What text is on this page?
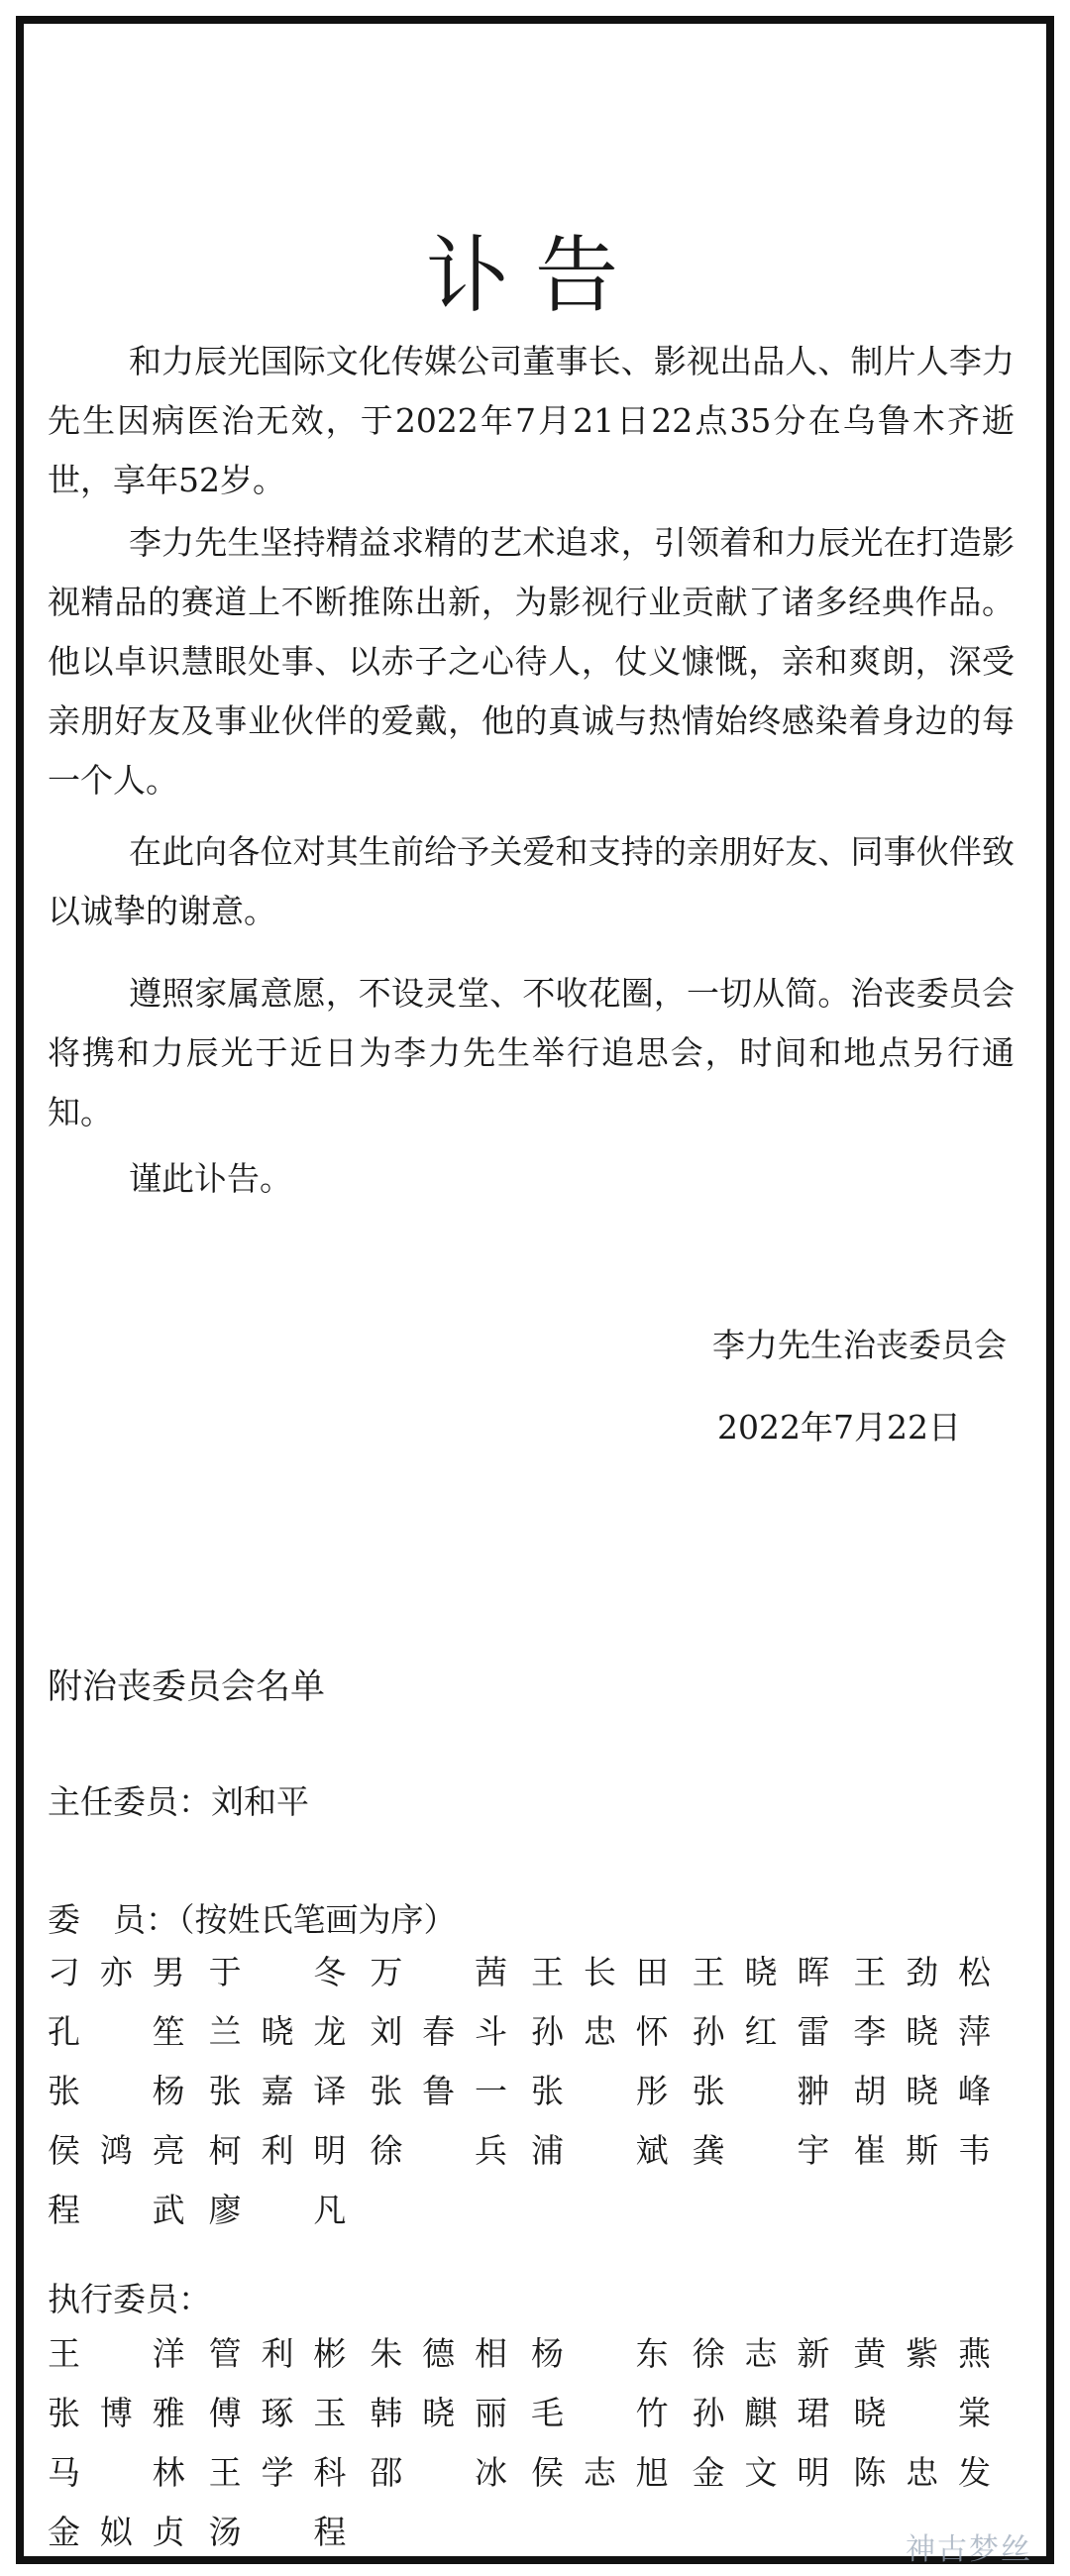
讣告

和力辰光国际文化传媒公司董事长、影视出品人、制片人李力先生因病医治无效，于2022年7月21日22点35分在乌鲁木齐逝世，享年52岁。

李力先生坚持精益求精的艺术追求，引领着和力辰光在打造影视精品的赛道上不断推陈出新，为影视行业贡献了诸多经典作品。他以卓识慧眼处事、以赤子之心待人，仗义慷慨，亲和爽朗，深受亲朋好友及事业伙伴的爱戴，他的真诚与热情始终感染着身边的每一个人。

在此向各位对其生前给予关爱和支持的亲朋好友、同事伙伴致以诚挚的谢意。

遵照家属意愿，不设灵堂、不收花圈，一切从简。治丧委员会将携和力辰光于近日为李力先生举行追思会，时间和地点另行通知。

谨此讣告。

李力先生治丧委员会
2022年7月22日
附治丧委员会名单
主任委员：刘和平
委　员：（按姓氏笔画为序）
刁亦男 于　冬 万　茜 王长田 王晓晖 王劲松
孔　笙 兰晓龙 刘春斗 孙忠怀 孙红雷 李晓萍
张　杨 张嘉译 张鲁一 张　彤 张　翀 胡晓峰
侯鸿亮 柯利明 徐　兵 浦　斌 龚　宇 崔斯韦
程　武 廖　凡
执行委员：
王　洋 管利彬 朱德相 杨　东 徐志新 黄紫燕
张博雅 傅琢玉 韩晓丽 毛　竹 孙麒珺 晓　棠
马　林 王学科 邵　冰 侯志旭 金文明 陈忠发
金姒贞 汤　程	神古梦丝
